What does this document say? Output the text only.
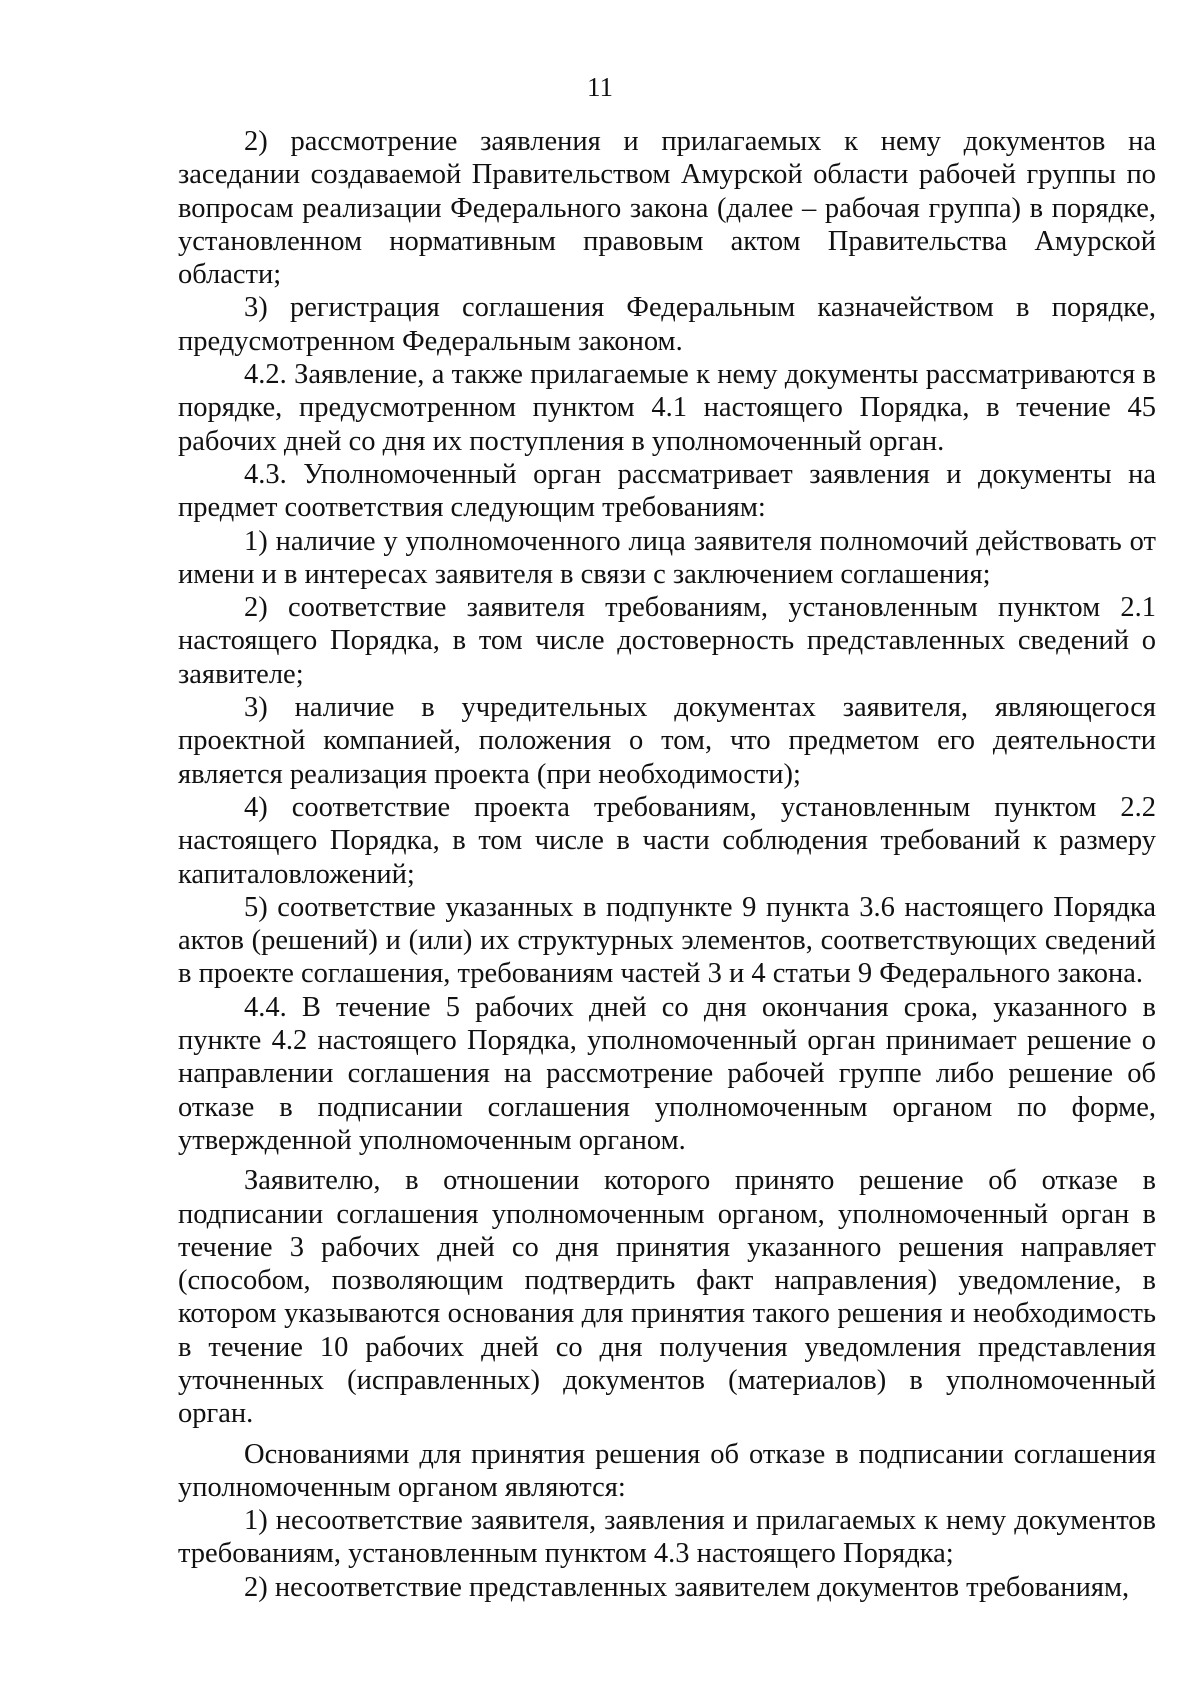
11

2) рассмотрение заявления и прилагаемых к нему документов на заседании создаваемой Правительством Амурской области рабочей группы по вопросам реализации Федерального закона (далее – рабочая группа) в порядке, установленном нормативным правовым актом Правительства Амурской области;

3) регистрация соглашения Федеральным казначейством в порядке, предусмотренном Федеральным законом.

4.2. Заявление, а также прилагаемые к нему документы рассматриваются в порядке, предусмотренном пунктом 4.1 настоящего Порядка, в течение 45 рабочих дней со дня их поступления в уполномоченный орган.

4.3. Уполномоченный орган рассматривает заявления и документы на предмет соответствия следующим требованиям:

1) наличие у уполномоченного лица заявителя полномочий действовать от имени и в интересах заявителя в связи с заключением соглашения;

2) соответствие заявителя требованиям, установленным пунктом 2.1 настоящего Порядка, в том числе достоверность представленных сведений о заявителе;

3) наличие в учредительных документах заявителя, являющегося проектной компанией, положения о том, что предметом его деятельности является реализация проекта (при необходимости);

4) соответствие проекта требованиям, установленным пунктом 2.2 настоящего Порядка, в том числе в части соблюдения требований к размеру капиталовложений;

5) соответствие указанных в подпункте 9 пункта 3.6 настоящего Порядка актов (решений) и (или) их структурных элементов, соответствующих сведений в проекте соглашения, требованиям частей 3 и 4 статьи 9 Федерального закона.

4.4. В течение 5 рабочих дней со дня окончания срока, указанного в пункте 4.2 настоящего Порядка, уполномоченный орган принимает решение о направлении соглашения на рассмотрение рабочей группе либо решение об отказе в подписании соглашения уполномоченным органом по форме, утвержденной уполномоченным органом.

Заявителю, в отношении которого принято решение об отказе в подписании соглашения уполномоченным органом, уполномоченный орган в течение 3 рабочих дней со дня принятия указанного решения направляет (способом, позволяющим подтвердить факт направления) уведомление, в котором указываются основания для принятия такого решения и необходимость в течение 10 рабочих дней со дня получения уведомления представления уточненных (исправленных) документов (материалов) в уполномоченный орган.

Основаниями для принятия решения об отказе в подписании соглашения уполномоченным органом являются:

1) несоответствие заявителя, заявления и прилагаемых к нему документов требованиям, установленным пунктом 4.3 настоящего Порядка;

2) несоответствие представленных заявителем документов требованиям,
